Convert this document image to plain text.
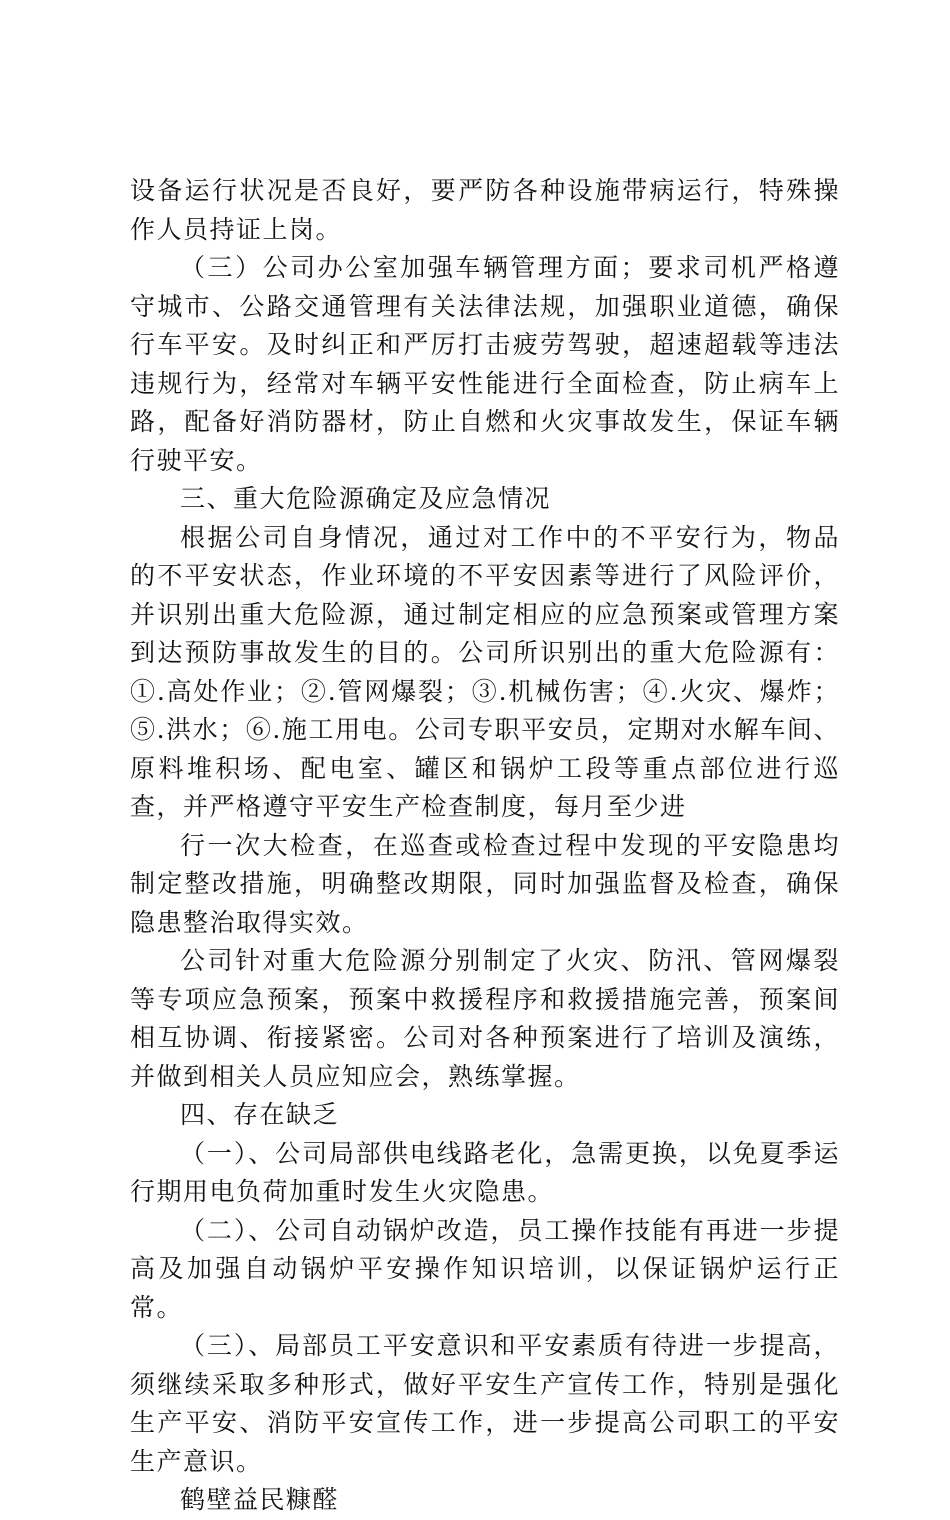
设备运行状况是否良好，要严防各种设施带病运行，特殊操作人员持证上岗。

（三）公司办公室加强车辆管理方面；要求司机严格遵守城市、公路交通管理有关法律法规，加强职业道德，确保行车平安。及时纠正和严厉打击疲劳驾驶，超速超载等违法违规行为，经常对车辆平安性能进行全面检查，防止病车上路，配备好消防器材，防止自燃和火灾事故发生，保证车辆行驶平安。

三、重大危险源确定及应急情况

根据公司自身情况，通过对工作中的不平安行为，物品的不平安状态，作业环境的不平安因素等进行了风险评价，并识别出重大危险源，通过制定相应的应急预案或管理方案到达预防事故发生的目的。公司所识别出的重大危险源有：①.高处作业；②.管网爆裂；③.机械伤害；④.火灾、爆炸；⑤.洪水；⑥.施工用电。公司专职平安员，定期对水解车间、原料堆积场、配电室、罐区和锅炉工段等重点部位进行巡查，并严格遵守平安生产检查制度，每月至少进

行一次大检查，在巡查或检查过程中发现的平安隐患均制定整改措施，明确整改期限，同时加强监督及检查，确保隐患整治取得实效。

公司针对重大危险源分别制定了火灾、防汛、管网爆裂等专项应急预案，预案中救援程序和救援措施完善，预案间相互协调、衔接紧密。公司对各种预案进行了培训及演练，并做到相关人员应知应会，熟练掌握。

四、存在缺乏

（一）、公司局部供电线路老化，急需更换，以免夏季运行期用电负荷加重时发生火灾隐患。

（二）、公司自动锅炉改造，员工操作技能有再进一步提高及加强自动锅炉平安操作知识培训，以保证锅炉运行正常。

（三）、局部员工平安意识和平安素质有待进一步提高，须继续采取多种形式，做好平安生产宣传工作，特别是强化生产平安、消防平安宣传工作，进一步提高公司职工的平安生产意识。

鹤壁益民糠醛
